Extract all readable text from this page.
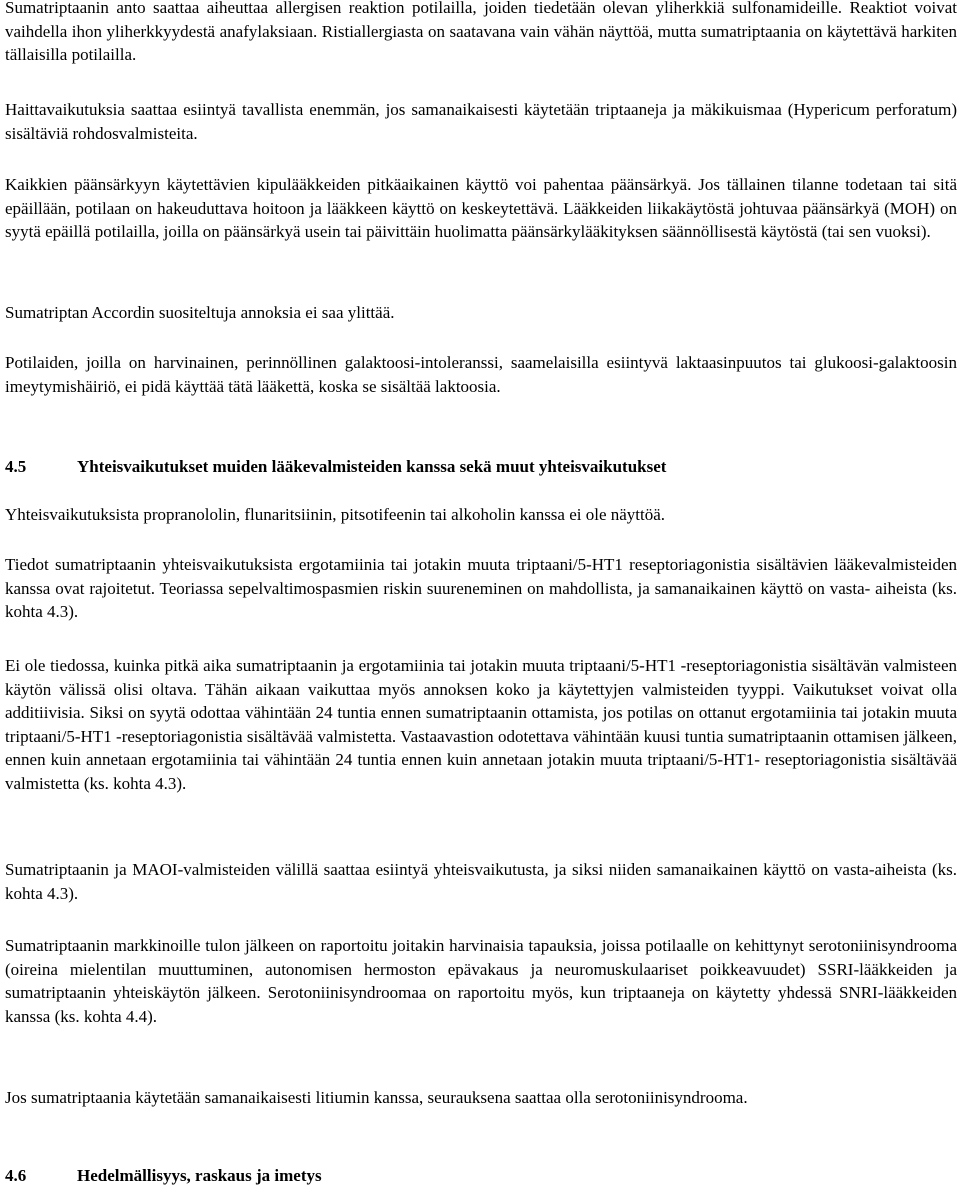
Sumatriptaanin anto saattaa aiheuttaa allergisen reaktion potilailla, joiden tiedetään olevan yliherkkiä sulfonamideille. Reaktiot voivat vaihdella ihon yliherkkyydestä anafylaksiaan. Ristiallergiasta on saatavana vain vähän näyttöä, mutta sumatriptaania on käytettävä harkiten tällaisilla potilailla.

Haittavaikutuksia saattaa esiintyä tavallista enemmän, jos samanaikaisesti käytetään triptaaneja ja mäkikuismaa (Hypericum perforatum) sisältäviä rohdosvalmisteita.

Kaikkien päänsärkyyn käytettävien kipulääkkeiden pitkäaikainen käyttö voi pahentaa päänsärkyä. Jos tällainen tilanne todetaan tai sitä epäillään, potilaan on hakeuduttava hoitoon ja lääkkeen käyttö on keskeytettävä. Lääkkeiden liikakäytöstä johtuvaa päänsärkyä (MOH) on syytä epäillä potilailla, joilla on päänsärkyä usein tai päivittäin huolimatta päänsärkylääkityksen säännöllisestä käytöstä (tai sen vuoksi).

Sumatriptan Accordin suositeltuja annoksia ei saa ylittää.

Potilaiden, joilla on harvinainen, perinnöllinen galaktoosi-intoleranssi, saamelaisilla esiintyvä laktaasinpuutos tai glukoosi-galaktoosin imeytymishäiriö, ei pidä käyttää tätä lääkettä, koska se sisältää laktoosia.

4.5	Yhteisvaikutukset muiden lääkevalmisteiden kanssa sekä muut yhteisvaikutukset

Yhteisvaikutuksista propranololin, flunaritsiinin, pitsotifeenin tai alkoholin kanssa ei ole näyttöä.

Tiedot sumatriptaanin yhteisvaikutuksista ergotamiinia tai jotakin muuta triptaani/5-HT1 reseptoriagonistia sisältävien lääkevalmisteiden kanssa ovat rajoitetut. Teoriassa sepelvaltimospasmien riskin suureneminen on mahdollista, ja samanaikainen käyttö on vasta- aiheista (ks. kohta 4.3).

Ei ole tiedossa, kuinka pitkä aika sumatriptaanin ja ergotamiinia tai jotakin muuta triptaani/5-HT1 -reseptoriagonistia sisältävän valmisteen käytön välissä olisi oltava. Tähän aikaan vaikuttaa myös annoksen koko ja käytettyjen valmisteiden tyyppi. Vaikutukset voivat olla additiivisia. Siksi on syytä odottaa vähintään 24 tuntia ennen sumatriptaanin ottamista, jos potilas on ottanut ergotamiinia tai jotakin muuta triptaani/5-HT1 -reseptoriagonistia sisältävää valmistetta. Vastaavastion odotettava vähintään kuusi tuntia sumatriptaanin ottamisen jälkeen, ennen kuin annetaan ergotamiinia tai vähintään 24 tuntia ennen kuin annetaan jotakin muuta triptaani/5-HT1- reseptoriagonistia sisältävää valmistetta (ks. kohta 4.3).

Sumatriptaanin ja MAOI-valmisteiden välillä saattaa esiintyä yhteisvaikutusta, ja siksi niiden samanaikainen käyttö on vasta-aiheista (ks. kohta 4.3).

Sumatriptaanin markkinoille tulon jälkeen on raportoitu joitakin harvinaisia tapauksia, joissa potilaalle on kehittynyt serotoniinisyndrooma (oireina mielentilan muuttuminen, autonomisen hermoston epävakaus ja neuromuskulaariset poikkeavuudet) SSRI-lääkkeiden ja sumatriptaanin yhteiskäytön jälkeen. Serotoniinisyndroomaa on raportoitu myös, kun triptaaneja on käytetty yhdessä SNRI-lääkkeiden kanssa (ks. kohta 4.4).

Jos sumatriptaania käytetään samanaikaisesti litiumin kanssa, seurauksena saattaa olla serotoniinisyndrooma.

4.6	Hedelmällisyys, raskaus ja imetys
